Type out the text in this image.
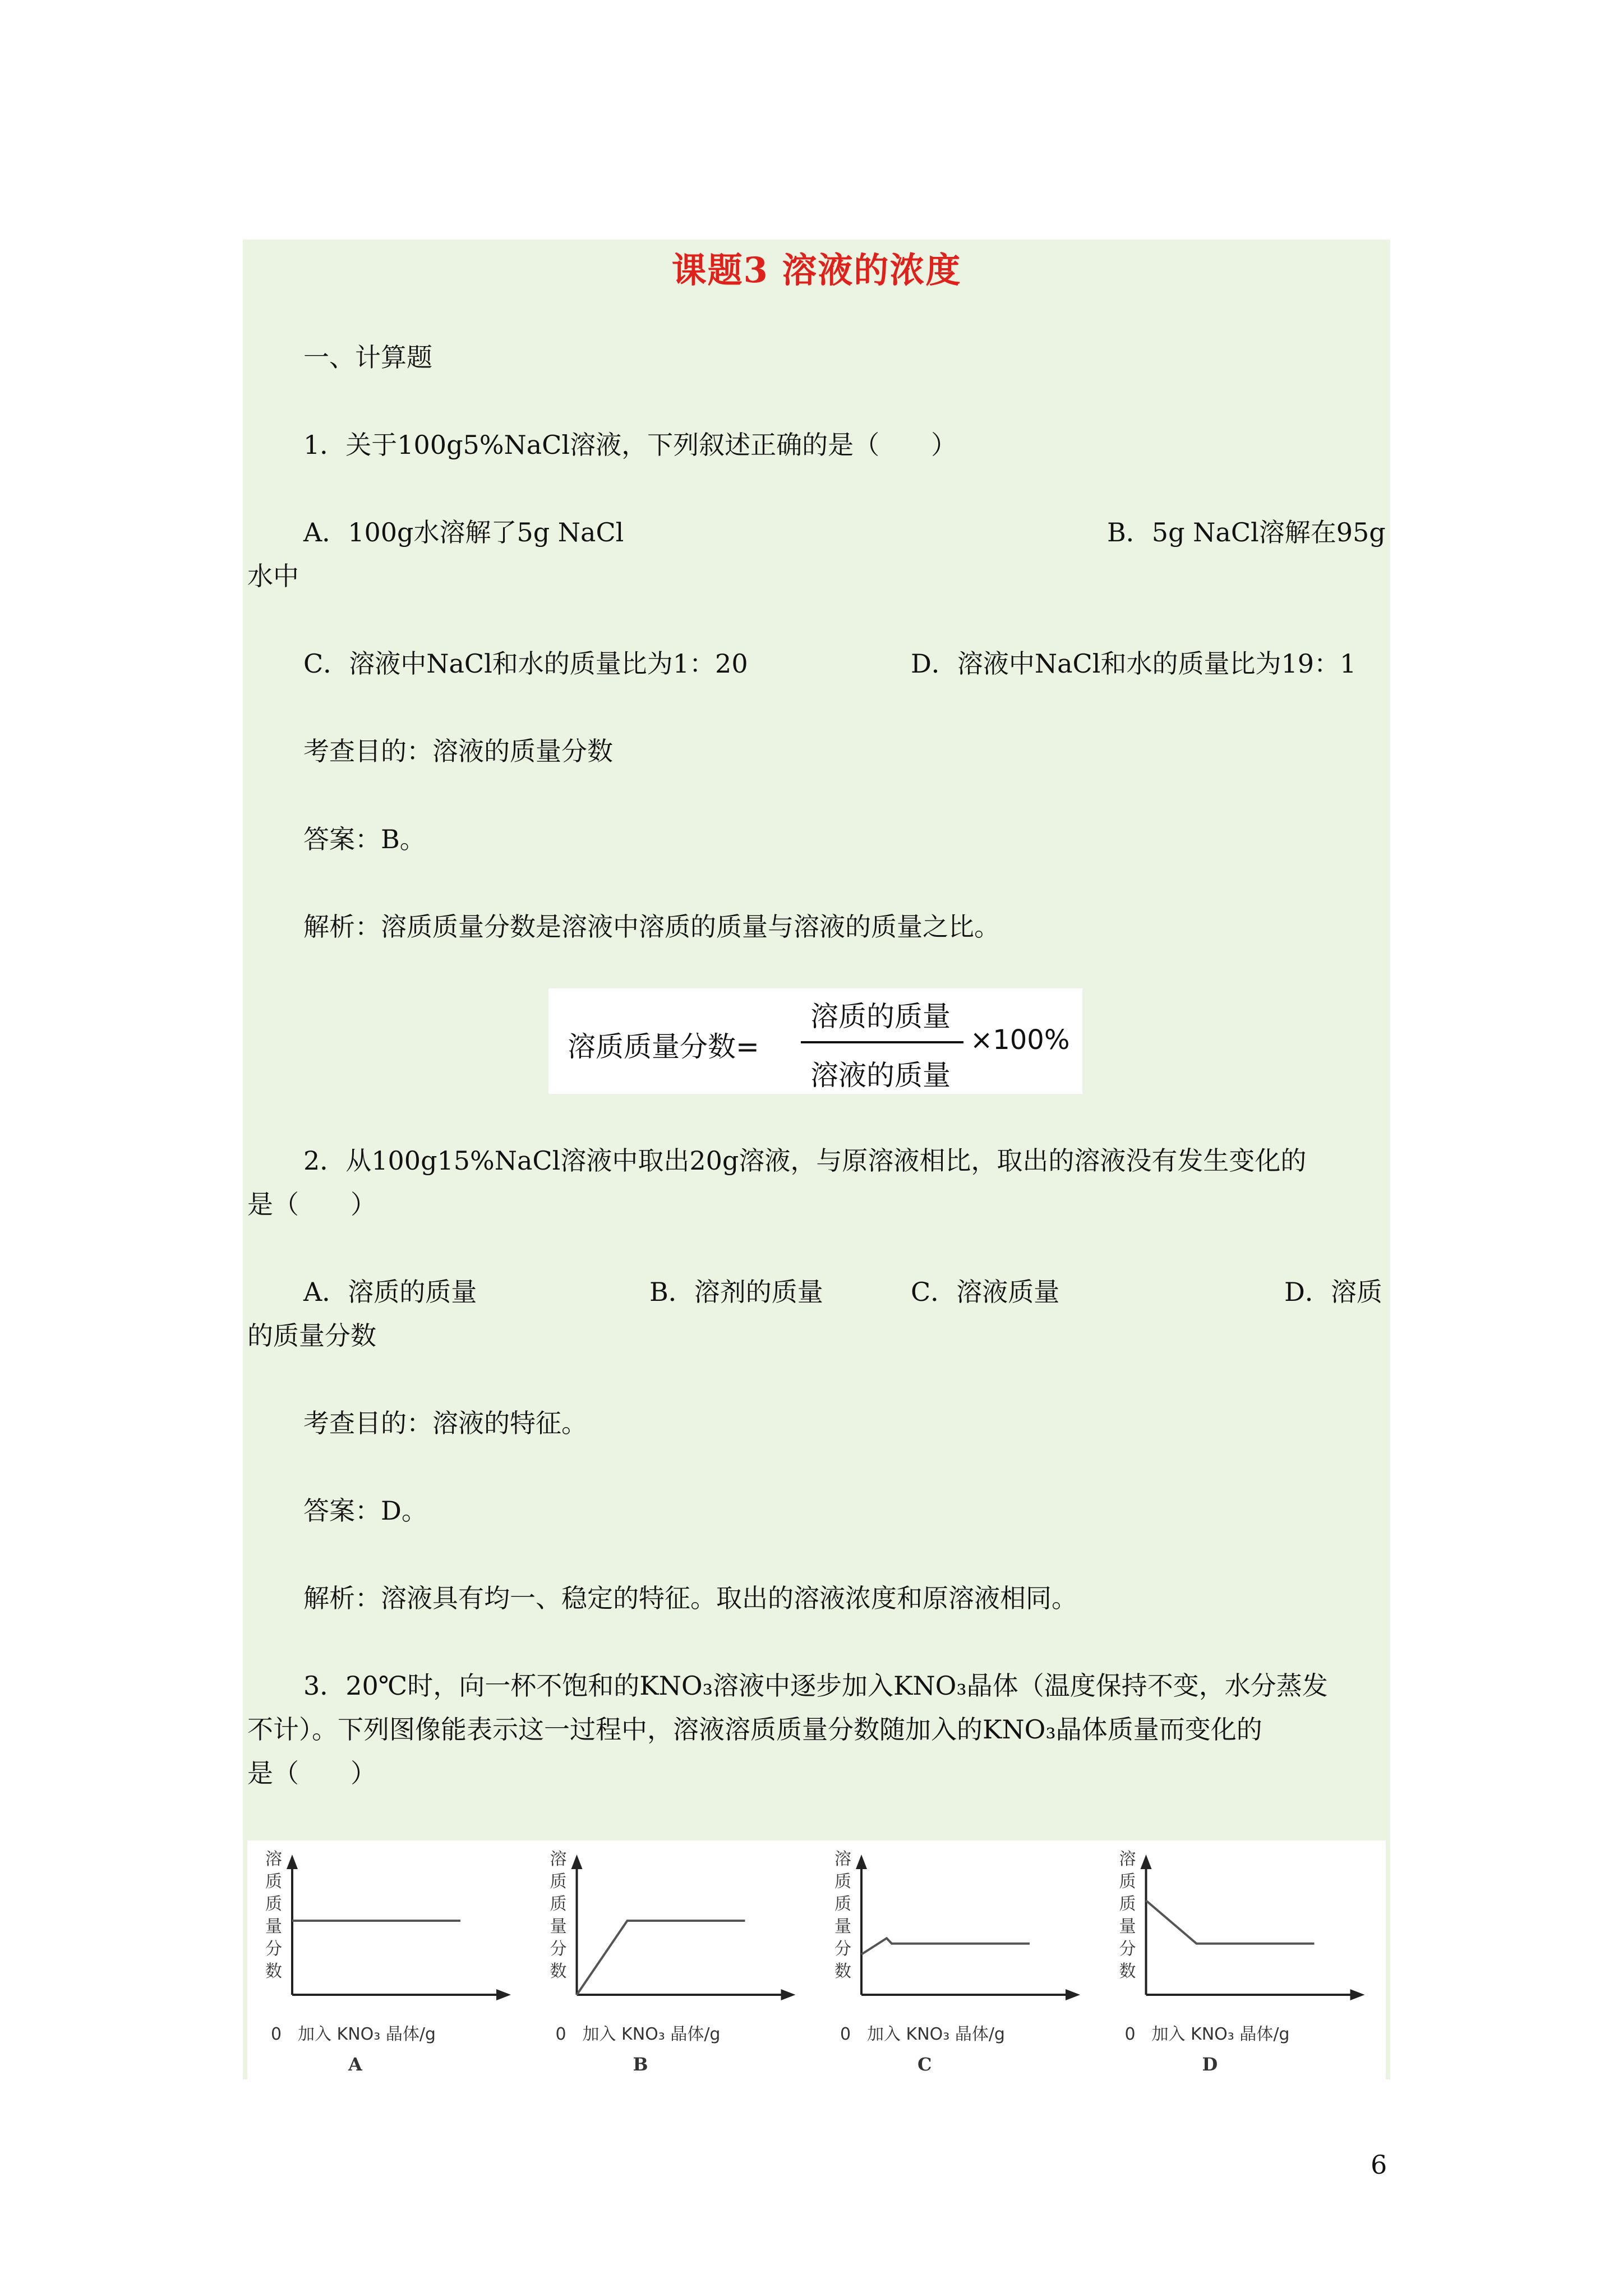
课题3 溶液的浓度
一、计算题
1．关于100g5%NaCl溶液，下列叙述正确的是（　　）
A．100g水溶解了5g NaCl	B．5g NaCl溶解在95g
水中
C．溶液中NaCl和水的质量比为1：20	D．溶液中NaCl和水的质量比为19：1
考查目的：溶液的质量分数
答案：B。
解析：溶质质量分数是溶液中溶质的质量与溶液的质量之比。
溶质质量分数=
溶质的质量
溶液的质量
×100%
2．从100g15%NaCl溶液中取出20g溶液，与原溶液相比，取出的溶液没有发生变化的
是（　　）
A．溶质的质量	B．溶剂的质量	C．溶液质量	D．溶质
的质量分数
考查目的：溶液的特征。
答案：D。
解析：溶液具有均一、稳定的特征。取出的溶液浓度和原溶液相同。
3．20℃时，向一杯不饱和的KNO₃溶液中逐步加入KNO₃晶体（温度保持不变，水分蒸发
不计）。下列图像能表示这一过程中，溶液溶质质量分数随加入的KNO₃晶体质量而变化的
是（　　）
溶
质
质
量
分
数
0 加入 KNO₃ 晶体/g
A
溶
质
质
量
分
数
0 加入 KNO₃ 晶体/g
B
溶
质
质
量
分
数
0 加入 KNO₃ 晶体/g
C
溶
质
质
量
分
数
0 加入 KNO₃ 晶体/g
D
6
